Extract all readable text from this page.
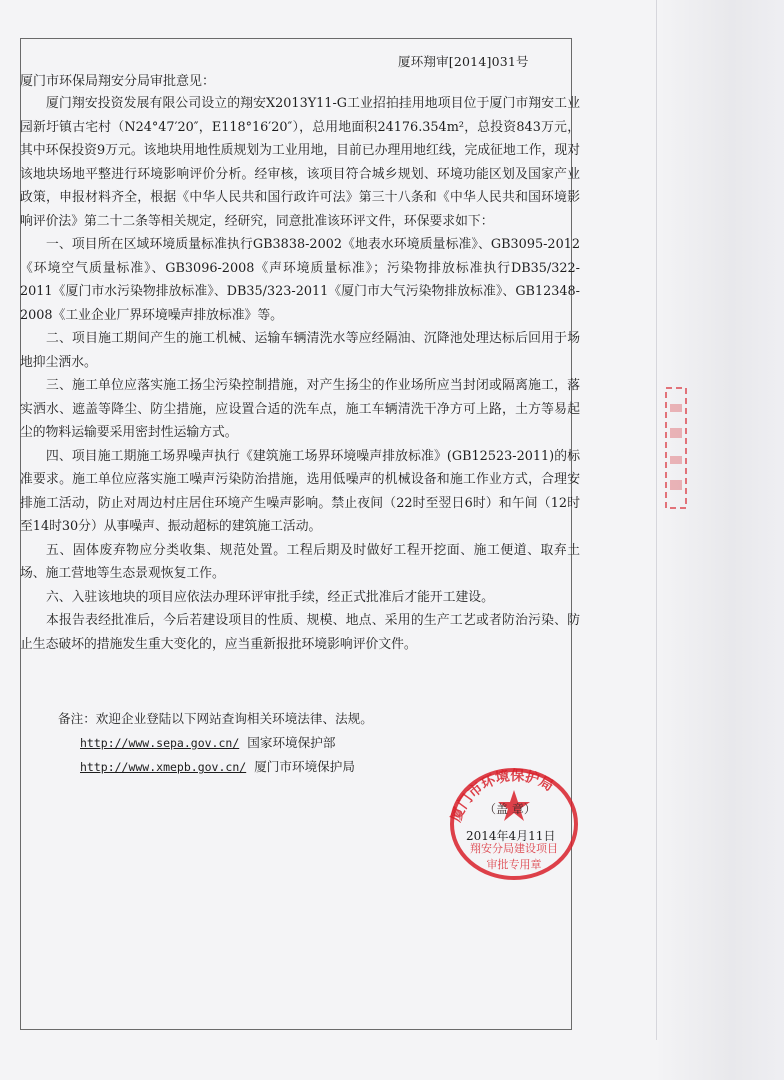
厦环翔审[2014]031号
厦门市环保局翔安分局审批意见：

厦门翔安投资发展有限公司设立的翔安X2013Y11-G工业招拍挂用地项目位于厦门市翔安工业园新圩镇古宅村（N24°47′20″，E118°16′20″），总用地面积24176.354m²，总投资843万元，其中环保投资9万元。该地块用地性质规划为工业用地，目前已办理用地红线，完成征地工作，现对该地块场地平整进行环境影响评价分析。经审核，该项目符合城乡规划、环境功能区划及国家产业政策，申报材料齐全，根据《中华人民共和国行政许可法》第三十八条和《中华人民共和国环境影响评价法》第二十二条等相关规定，经研究，同意批准该环评文件，环保要求如下：

一、项目所在区域环境质量标准执行GB3838-2002《地表水环境质量标准》、GB3095-2012《环境空气质量标准》、GB3096-2008《声环境质量标准》；污染物排放标准执行DB35/322-2011《厦门市水污染物排放标准》、DB35/323-2011《厦门市大气污染物排放标准》、GB12348-2008《工业企业厂界环境噪声排放标准》等。

二、项目施工期间产生的施工机械、运输车辆清洗水等应经隔油、沉降池处理达标后回用于场地抑尘洒水。

三、施工单位应落实施工扬尘污染控制措施，对产生扬尘的作业场所应当封闭或隔离施工，落实洒水、遮盖等降尘、防尘措施，应设置合适的洗车点，施工车辆清洗干净方可上路，土方等易起尘的物料运输要采用密封性运输方式。

四、项目施工期施工场界噪声执行《建筑施工场界环境噪声排放标准》(GB12523-2011)的标准要求。施工单位应落实施工噪声污染防治措施，选用低噪声的机械设备和施工作业方式，合理安排施工活动，防止对周边村庄居住环境产生噪声影响。禁止夜间（22时至翌日6时）和午间（12时至14时30分）从事噪声、振动超标的建筑施工活动。

五、固体废弃物应分类收集、规范处置。工程后期及时做好工程开挖面、施工便道、取弃土场、施工营地等生态景观恢复工作。

六、入驻该地块的项目应依法办理环评审批手续，经正式批准后才能开工建设。

本报告表经批准后，今后若建设项目的性质、规模、地点、采用的生产工艺或者防治污染、防止生态破坏的措施发生重大变化的，应当重新报批环境影响评价文件。

备注：欢迎企业登陆以下网站查询相关环境法律、法规。
http://www.sepa.gov.cn/ 国家环境保护部
http://www.xmepb.gov.cn/ 厦门市环境保护局
厦门市环境保护局
翔安分局建设项目
审批专用章
（盖 章）
2014年4月11日
